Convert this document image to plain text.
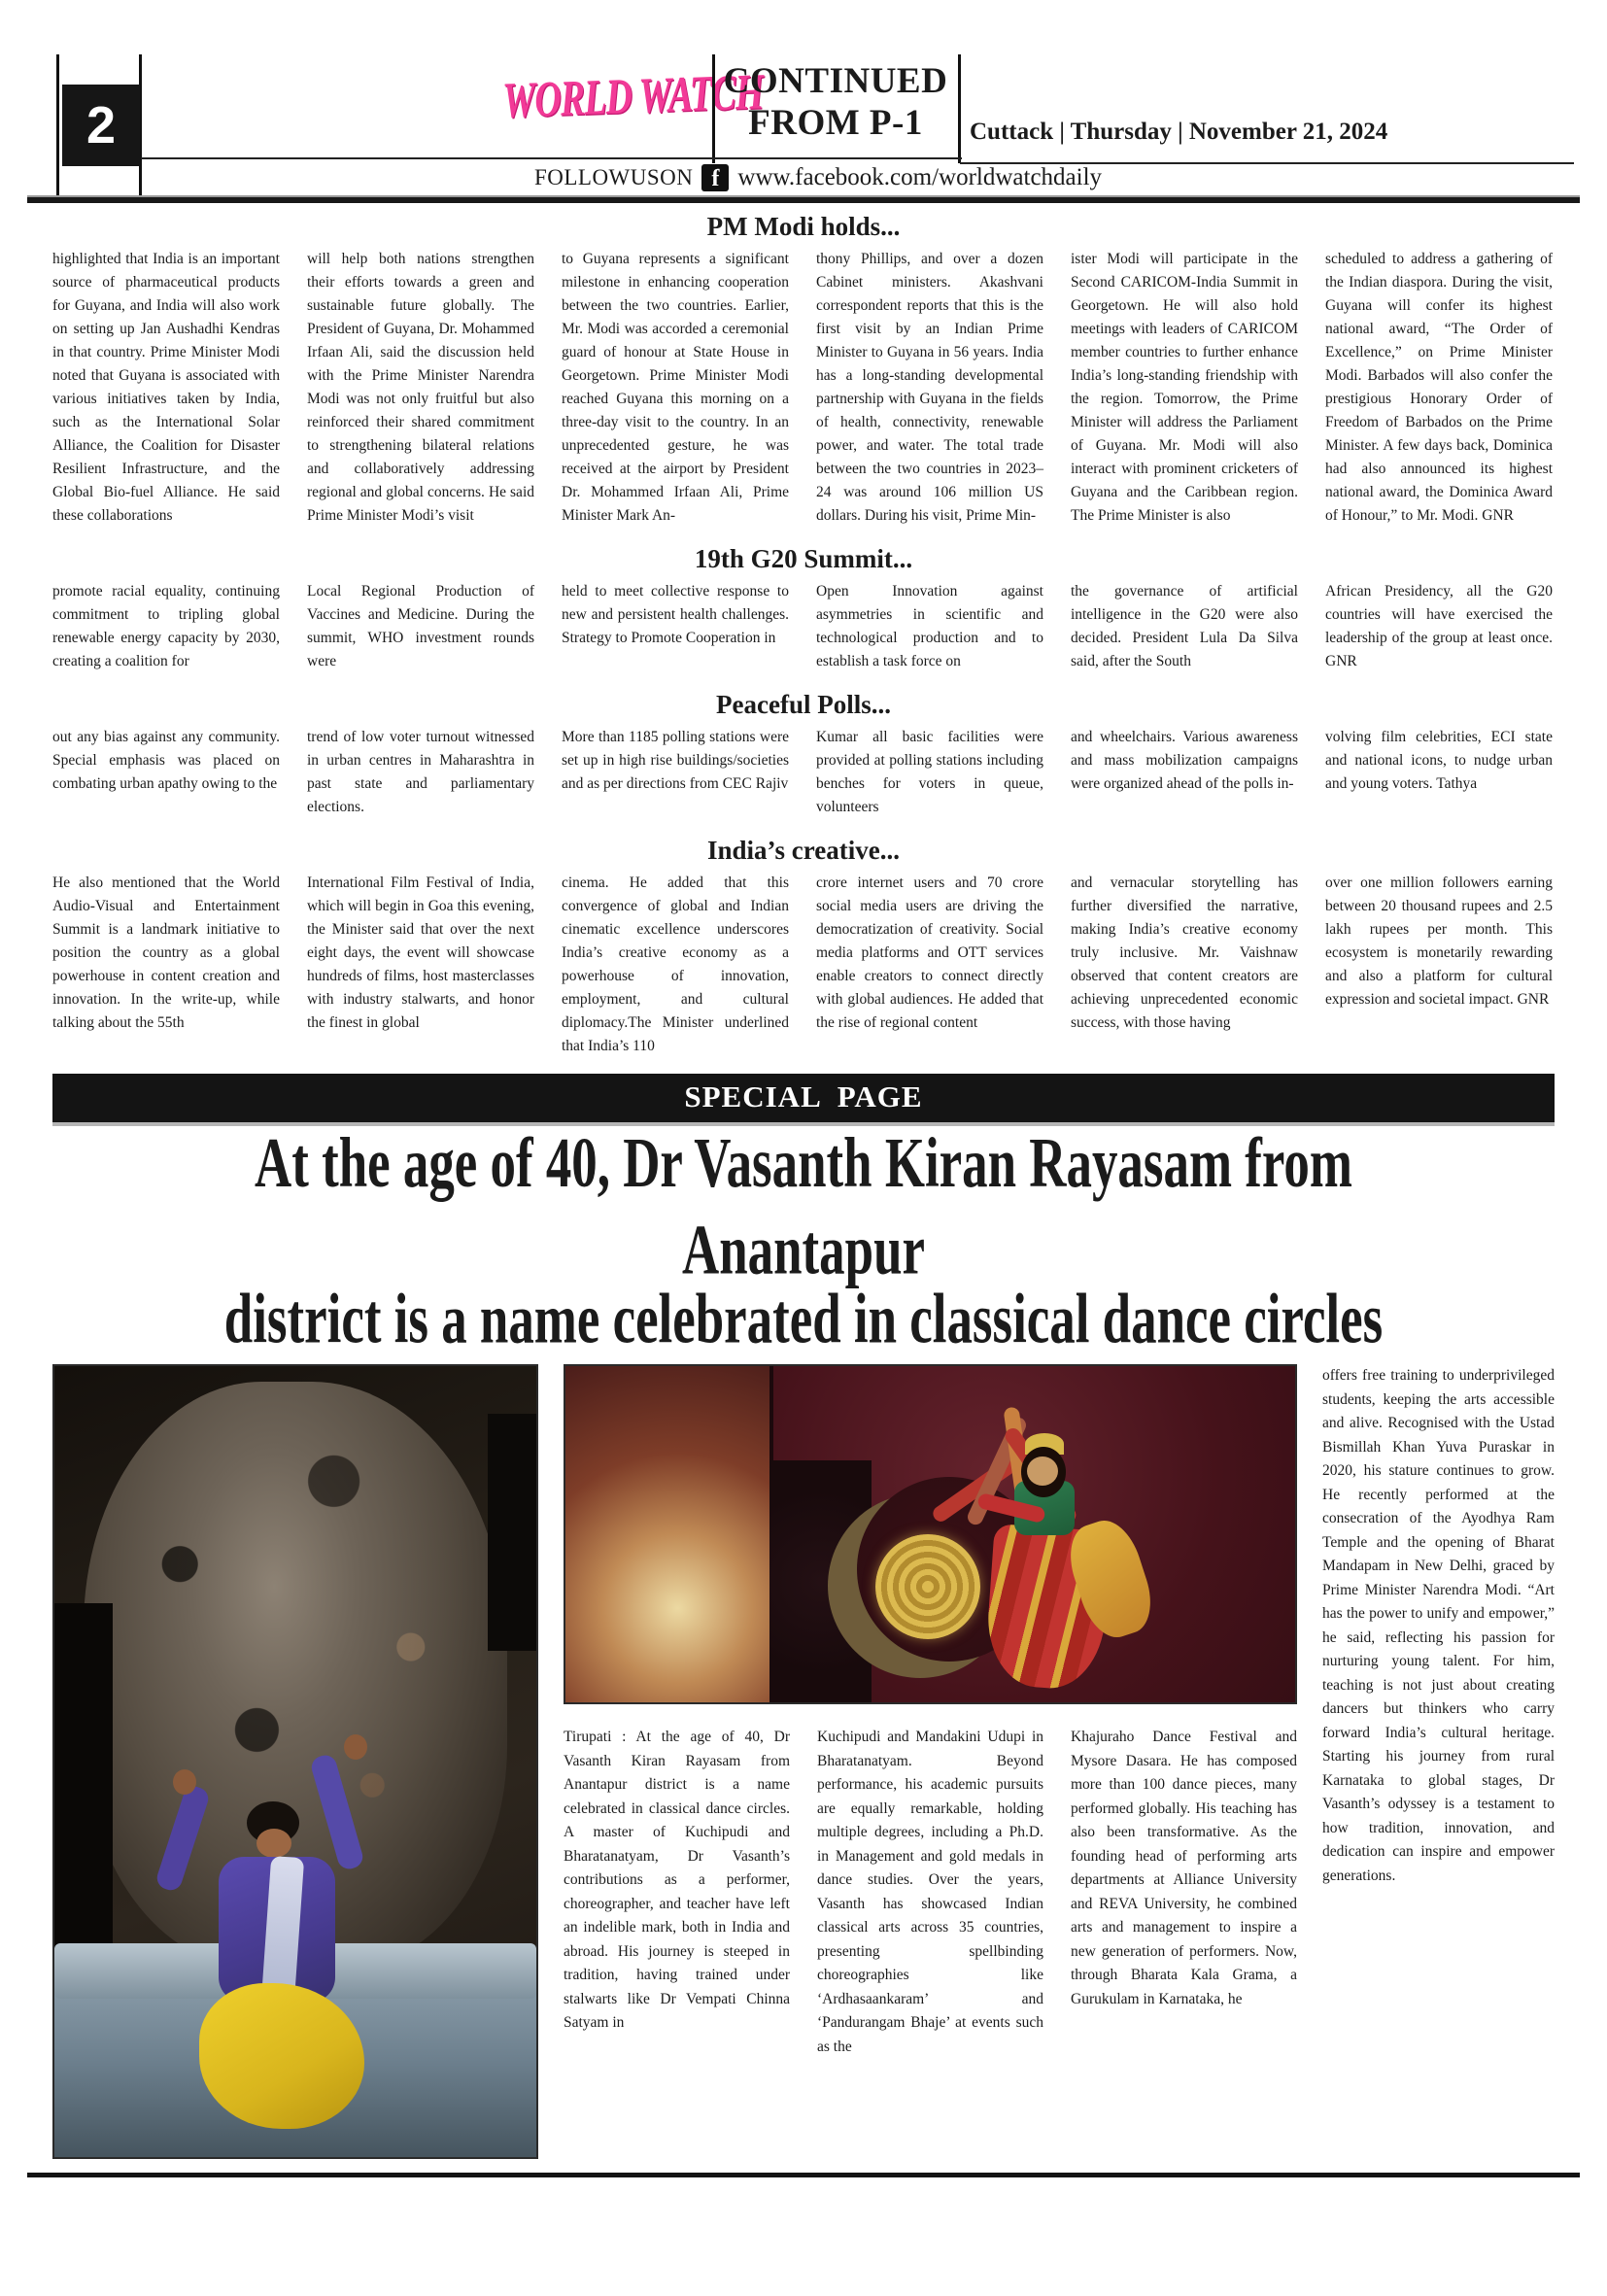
2	WORLD WATCH
CONTINUED FROM P-1	Cuttack | Thursday | November 21, 2024
FOLLOWUSON f www.facebook.com/worldwatchdaily
PM Modi holds...
highlighted that India is an important source of pharmaceutical products for Guyana, and India will also work on setting up Jan Aushadhi Kendras in that country. Prime Minister Modi noted that Guyana is associated with various initiatives taken by India, such as the International Solar Alliance, the Coalition for Disaster Resilient Infrastructure, and the Global Bio-fuel Alliance. He said these collaborations
will help both nations strengthen their efforts towards a green and sustainable future globally. The President of Guyana, Dr. Mohammed Irfaan Ali, said the discussion held with the Prime Minister Narendra Modi was not only fruitful but also reinforced their shared commitment to strengthening bilateral relations and collaboratively addressing regional and global concerns. He said Prime Minister Modi’s visit
to Guyana represents a significant milestone in enhancing cooperation between the two countries. Earlier, Mr. Modi was accorded a ceremonial guard of honour at State House in Georgetown. Prime Minister Modi reached Guyana this morning on a three-day visit to the country. In an unprecedented gesture, he was received at the airport by President Dr. Mohammed Irfaan Ali, Prime Minister Mark An-
thony Phillips, and over a dozen Cabinet ministers. Akashvani correspondent reports that this is the first visit by an Indian Prime Minister to Guyana in 56 years. India has a long-standing developmental partnership with Guyana in the fields of health, connectivity, renewable power, and water. The total trade between the two countries in 2023–24 was around 106 million US dollars. During his visit, Prime Min-
ister Modi will participate in the Second CARICOM-India Summit in Georgetown. He will also hold meetings with leaders of CARICOM member countries to further enhance India’s long-standing friendship with the region. Tomorrow, the Prime Minister will address the Parliament of Guyana. Mr. Modi will also interact with prominent cricketers of Guyana and the Caribbean region. The Prime Minister is also
scheduled to address a gathering of the Indian diaspora. During the visit, Guyana will confer its highest national award, “The Order of Excellence,” on Prime Minister Modi. Barbados will also confer the prestigious Honorary Order of Freedom of Barbados on the Prime Minister. A few days back, Dominica had also announced its highest national award, the Dominica Award of Honour,” to Mr. Modi. GNR
19th G20 Summit...
promote racial equality, continuing commitment to tripling global renewable energy capacity by 2030, creating a coalition for
Local Regional Production of Vaccines and Medicine. During the summit, WHO investment rounds were
held to meet collective response to new and persistent health challenges. Strategy to Promote Cooperation in
Open Innovation against asymmetries in scientific and technological production and to establish a task force on
the governance of artificial intelligence in the G20 were also decided. President Lula Da Silva said, after the South
African Presidency, all the G20 countries will have exercised the leadership of the group at least once. GNR
Peaceful Polls...
out any bias against any community. Special emphasis was placed on combating urban apathy owing to the
trend of low voter turnout witnessed in urban centres in Maharashtra in past state and parliamentary elections.
More than 1185 polling stations were set up in high rise buildings/societies and as per directions from CEC Rajiv
Kumar all basic facilities were provided at polling stations including benches for voters in queue, volunteers
and wheelchairs. Various awareness and mass mobilization campaigns were organized ahead of the polls in-
volving film celebrities, ECI state and national icons, to nudge urban and young voters. Tathya
India’s creative...
He also mentioned that the World Audio-Visual and Entertainment Summit is a landmark initiative to position the country as a global powerhouse in content creation and innovation. In the write-up, while talking about the 55th
International Film Festival of India, which will begin in Goa this evening, the Minister said that over the next eight days, the event will showcase hundreds of films, host masterclasses with industry stalwarts, and honor the finest in global
cinema. He added that this convergence of global and Indian cinematic excellence underscores India’s creative economy as a powerhouse of innovation, employment, and cultural diplomacy.The Minister underlined that India’s 110
crore internet users and 70 crore social media users are driving the democratization of creativity. Social media platforms and OTT services enable creators to connect directly with global audiences. He added that the rise of regional content
and vernacular storytelling has further diversified the narrative, making India’s creative economy truly inclusive. Mr. Vaishnaw observed that content creators are achieving unprecedented economic success, with those having
over one million followers earning between 20 thousand rupees and 2.5 lakh rupees per month. This ecosystem is monetarily rewarding and also a platform for cultural expression and societal impact. GNR
SPECIAL PAGE
At the age of 40, Dr Vasanth Kiran Rayasam from Anantapur
district is a name celebrated in classical dance circles
Tirupati : At the age of 40, Dr Vasanth Kiran Rayasam from Anantapur district is a name celebrated in classical dance circles. A master of Kuchipudi and Bharatanatyam, Dr Vasanth’s contributions as a performer, choreographer, and teacher have left an indelible mark, both in India and abroad. His journey is steeped in tradition, having trained under stalwarts like Dr Vempati Chinna Satyam in
Kuchipudi and Mandakini Udupi in Bharatanatyam. Beyond performance, his academic pursuits are equally remarkable, holding multiple degrees, including a Ph.D. in Management and gold medals in dance studies. Over the years, Vasanth has showcased Indian classical arts across 35 countries, presenting spellbinding choreographies like ‘Ardhasaankaram’ and ‘Pandurangam Bhaje’ at events such as the
Khajuraho Dance Festival and Mysore Dasara. He has composed more than 100 dance pieces, many performed globally. His teaching has also been transformative. As the founding head of performing arts departments at Alliance University and REVA University, he combined arts and management to inspire a new generation of performers. Now, through Bharata Kala Grama, a Gurukulam in Karnataka, he
offers free training to underprivileged students, keeping the arts accessible and alive. Recognised with the Ustad Bismillah Khan Yuva Puraskar in 2020, his stature continues to grow. He recently performed at the consecration of the Ayodhya Ram Temple and the opening of Bharat Mandapam in New Delhi, graced by Prime Minister Narendra Modi. “Art has the power to unify and empower,” he said, reflecting his passion for nurturing young talent. For him, teaching is not just about creating dancers but thinkers who carry forward India’s cultural heritage. Starting his journey from rural Karnataka to global stages, Dr Vasanth’s odyssey is a testament to how tradition, innovation, and dedication can inspire and empower generations.
